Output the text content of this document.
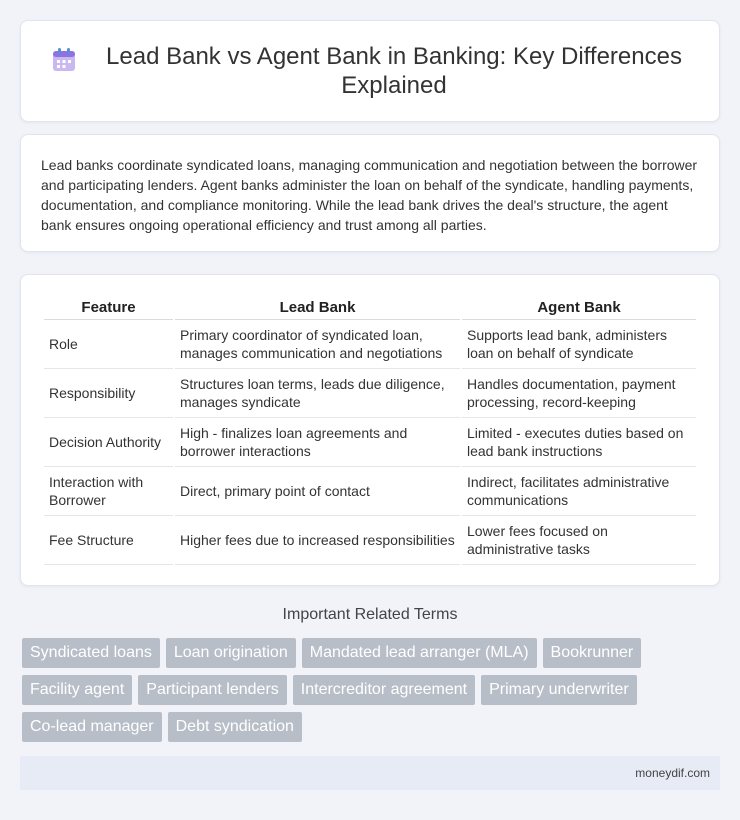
Lead Bank vs Agent Bank in Banking: Key Differences Explained

Lead banks coordinate syndicated loans, managing communication and negotiation between the borrower and participating lenders. Agent banks administer the loan on behalf of the syndicate, handling payments, documentation, and compliance monitoring. While the lead bank drives the deal's structure, the agent bank ensures ongoing operational efficiency and trust among all parties.

Feature	Lead Bank	Agent Bank
Role	Primary coordinator of syndicated loan, manages communication and negotiations	Supports lead bank, administers loan on behalf of syndicate
Responsibility	Structures loan terms, leads due diligence, manages syndicate	Handles documentation, payment processing, record-keeping
Decision Authority	High - finalizes loan agreements and borrower interactions	Limited - executes duties based on lead bank instructions
Interaction with Borrower	Direct, primary point of contact	Indirect, facilitates administrative communications
Fee Structure	Higher fees due to increased responsibilities	Lower fees focused on administrative tasks
Important Related Terms
Syndicated loans	Loan origination	Mandated lead arranger (MLA)	Bookrunner
Facility agent	Participant lenders	Intercreditor agreement	Primary underwriter
Co-lead manager	Debt syndication
moneydif.com
